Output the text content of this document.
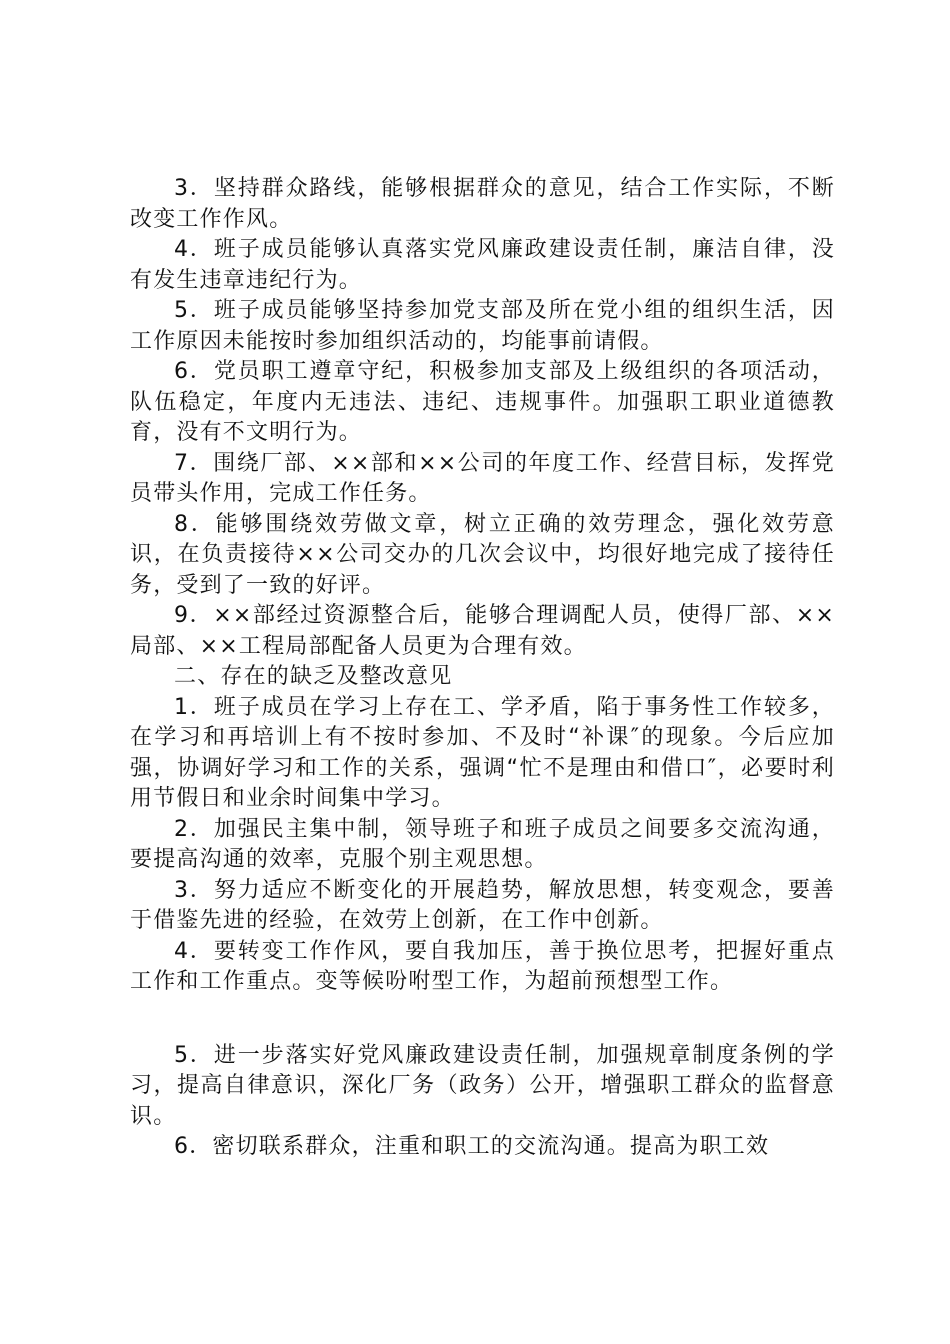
3．坚持群众路线，能够根据群众的意见，结合工作实际，不断改变工作作风。

4．班子成员能够认真落实党风廉政建设责任制，廉洁自律，没有发生违章违纪行为。

5．班子成员能够坚持参加党支部及所在党小组的组织生活，因工作原因未能按时参加组织活动的，均能事前请假。

6．党员职工遵章守纪，积极参加支部及上级组织的各项活动，队伍稳定，年度内无违法、违纪、违规事件。加强职工职业道德教育，没有不文明行为。

7．围绕厂部、××部和××公司的年度工作、经营目标，发挥党员带头作用，完成工作任务。

8．能够围绕效劳做文章，树立正确的效劳理念，强化效劳意识，在负责接待××公司交办的几次会议中，均很好地完成了接待任务，受到了一致的好评。

9．××部经过资源整合后，能够合理调配人员，使得厂部、××局部、××工程局部配备人员更为合理有效。

二、存在的缺乏及整改意见

1．班子成员在学习上存在工、学矛盾，陷于事务性工作较多，在学习和再培训上有不按时参加、不及时“补课″的现象。今后应加强，协调好学习和工作的关系，强调“忙不是理由和借口″，必要时利用节假日和业余时间集中学习。

2．加强民主集中制，领导班子和班子成员之间要多交流沟通，要提高沟通的效率，克服个别主观思想。

3．努力适应不断变化的开展趋势，解放思想，转变观念，要善于借鉴先进的经验，在效劳上创新，在工作中创新。

4．要转变工作作风，要自我加压，善于换位思考，把握好重点工作和工作重点。变等候吩咐型工作，为超前预想型工作。

5．进一步落实好党风廉政建设责任制，加强规章制度条例的学习，提高自律意识，深化厂务（政务）公开，增强职工群众的监督意识。

6．密切联系群众，注重和职工的交流沟通。提高为职工效
